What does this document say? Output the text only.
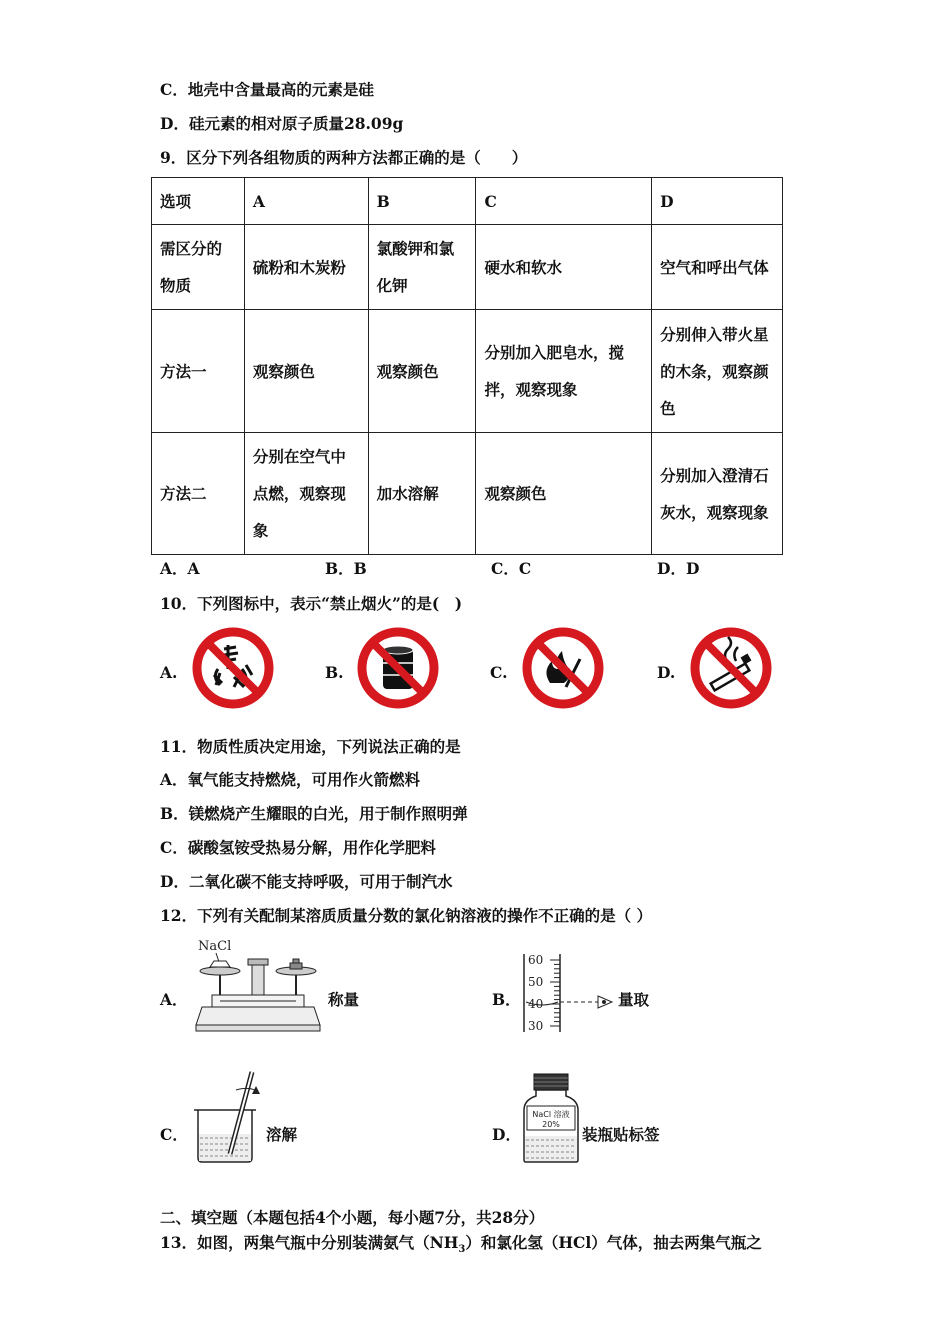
C．地壳中含量最高的元素是硅
D．硅元素的相对原子质量28.09g
9．区分下列各组物质的两种方法都正确的是（　　）
选项	A	B	C	D
需区分的物质	硫粉和木炭粉	氯酸钾和氯化钾	硬水和软水	空气和呼出气体
方法一	观察颜色	观察颜色	分别加入肥皂水，搅拌，观察现象	分别伸入带火星的木条，观察颜色
方法二	分别在空气中点燃，观察现象	加水溶解	观察颜色	分别加入澄清石灰水，观察现象
A．A	B．B	C．C	D．D
10．下列图标中，表示“禁止烟火”的是(　)
A.	B.	C.	D.
11．物质性质决定用途，下列说法正确的是
A．氧气能支持燃烧，可用作火箭燃料
B．镁燃烧产生耀眼的白光，用于制作照明弹
C．碳酸氢铵受热易分解，用作化学肥料
D．二氧化碳不能支持呼吸，可用于制汽水
12．下列有关配制某溶质质量分数的氯化钠溶液的操作不正确的是（ ）
A．
NaCl
称量	B．
60
50
40
30
量取
C．	溶解	D．
NaCl 溶液
20%
装瓶贴标签
二、填空题（本题包括4个小题，每小题7分，共28分）
13．如图，两集气瓶中分别装满氨气$(NH_3)$和氯化氢（HCl）气体，抽去两集气瓶之
